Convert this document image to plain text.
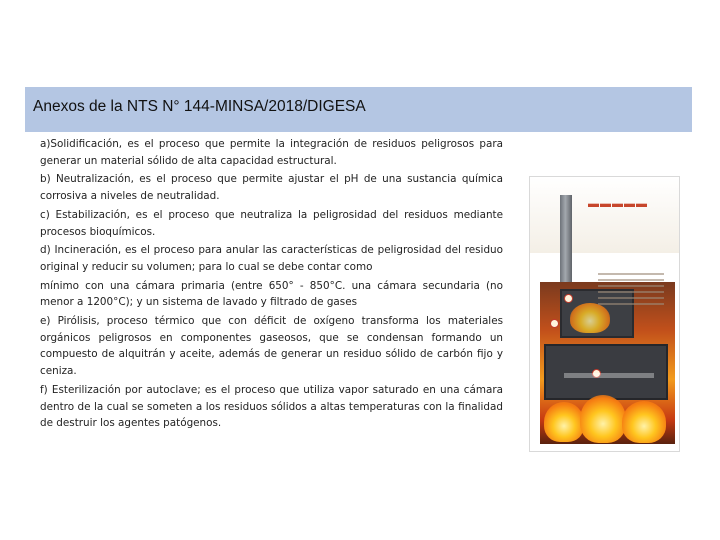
Anexos de la NTS N° 144-MINSA/2018/DIGESA

a)Solidificación, es el proceso que permite la integración de residuos peligrosos para generar un material sólido de alta capacidad estructural.

b) Neutralización, es el proceso que permite ajustar el pH de una sustancia química corrosiva a niveles de neutralidad.

c) Estabilización, es el proceso que neutraliza la peligrosidad del residuos mediante procesos bioquímicos.

d) Incineración, es el proceso para anular las características de peligrosidad del residuo original y reducir su volumen; para lo cual se debe contar como

mínimo con una cámara primaria (entre 650° - 850°C. una cámara secundaria (no menor a 1200°C); y un sistema de lavado y filtrado de gases

e) Pirólisis, proceso térmico que con déficit de oxígeno transforma los materiales orgánicos peligrosos en componentes gaseosos, que se condensan formando un compuesto de alquitrán y aceite, además de generar un residuo sólido de carbón fijo y ceniza.

f) Esterilización por autoclave; es el proceso que utiliza vapor saturado en una cámara dentro de la cual se someten a los residuos sólidos a altas temperaturas con la finalidad de destruir los agentes patógenos.

▬▬▬▬▬
